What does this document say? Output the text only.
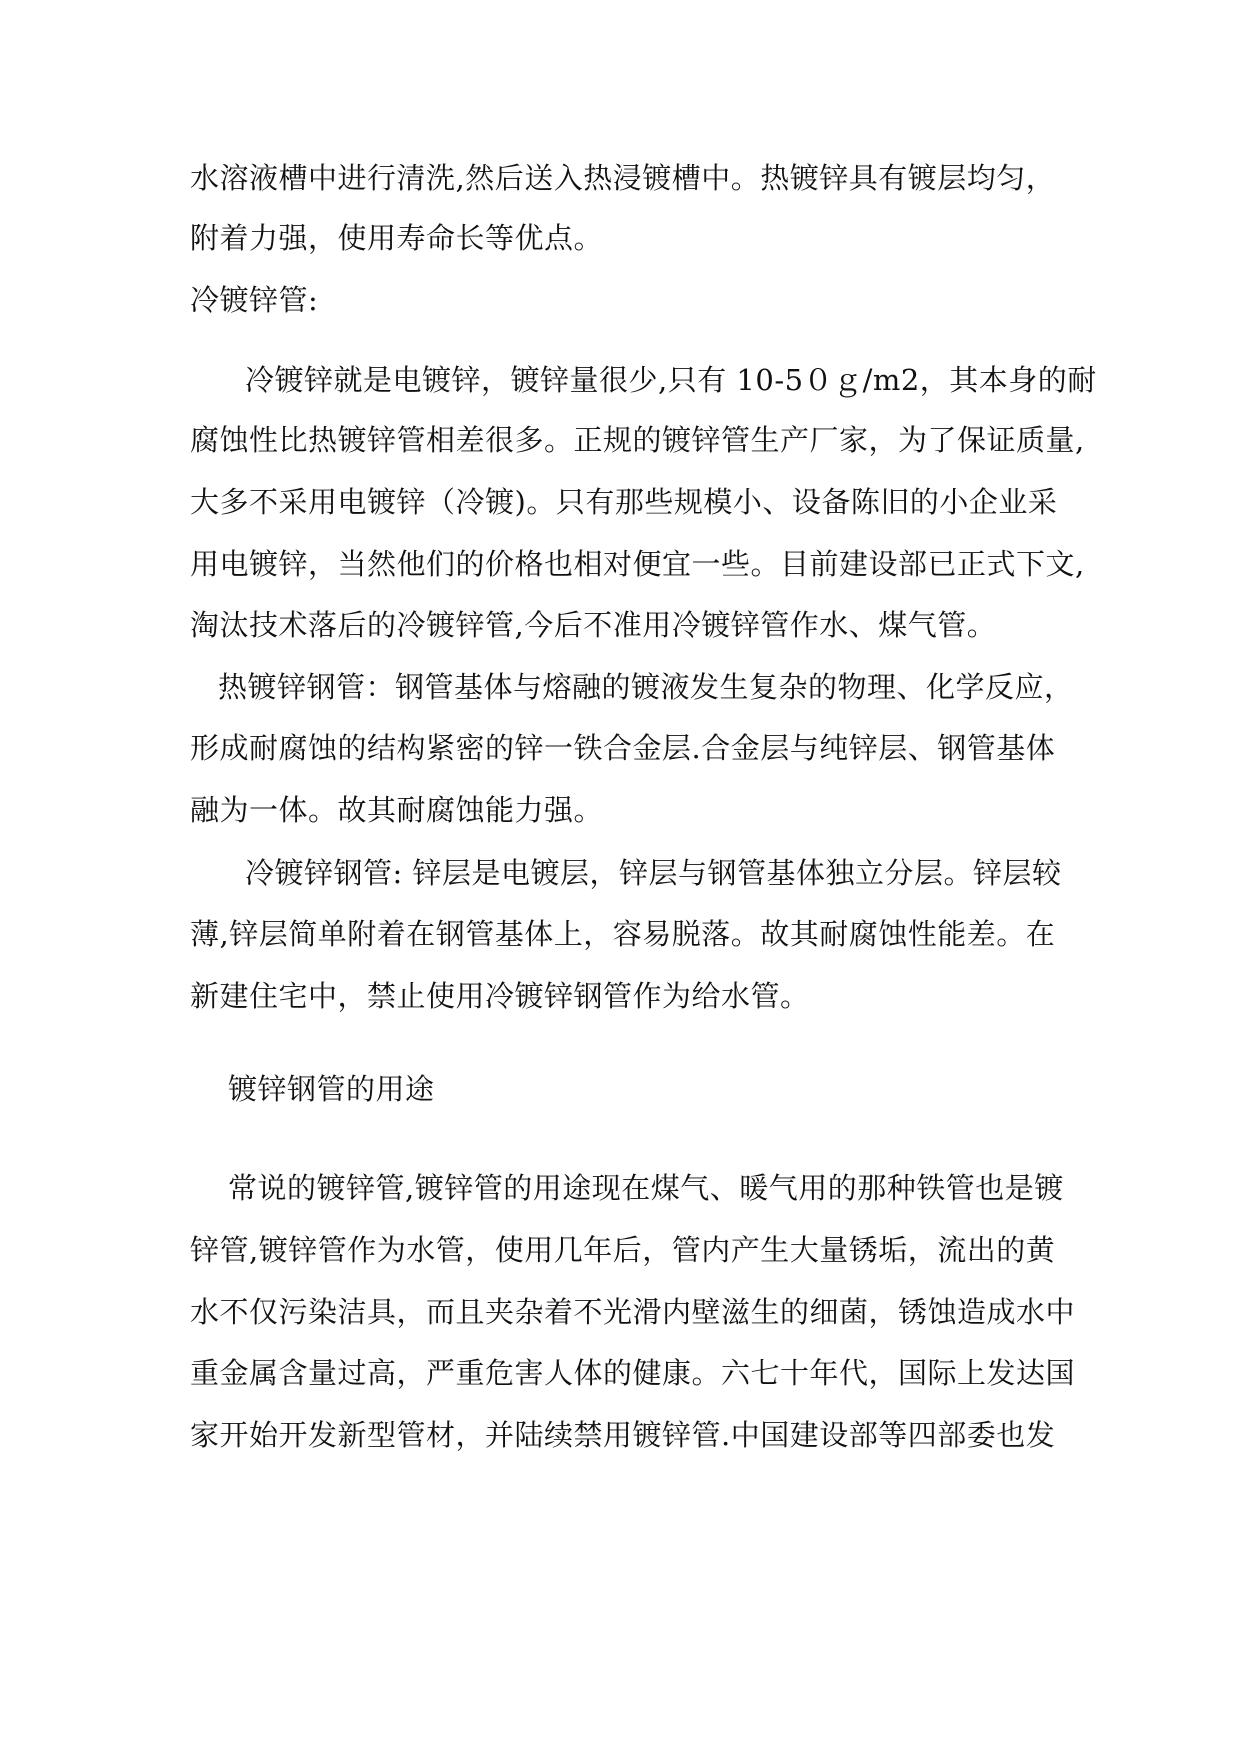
水溶液槽中进行清洗,然后送入热浸镀槽中。热镀锌具有镀层均匀，
附着力强，使用寿命长等优点。
冷镀锌管:
冷镀锌就是电镀锌，镀锌量很少,只有 10-5０ｇ/m2，其本身的耐
腐蚀性比热镀锌管相差很多。正规的镀锌管生产厂家，为了保证质量,
大多不采用电镀锌（冷镀)。只有那些规模小、设备陈旧的小企业采
用电镀锌，当然他们的价格也相对便宜一些。目前建设部已正式下文,
淘汰技术落后的冷镀锌管,今后不准用冷镀锌管作水、煤气管。
热镀锌钢管：钢管基体与熔融的镀液发生复杂的物理、化学反应，
形成耐腐蚀的结构紧密的锌一铁合金层.合金层与纯锌层、钢管基体
融为一体。故其耐腐蚀能力强。
冷镀锌钢管: 锌层是电镀层，锌层与钢管基体独立分层。锌层较
薄,锌层简单附着在钢管基体上，容易脱落。故其耐腐蚀性能差。在
新建住宅中，禁止使用冷镀锌钢管作为给水管。
镀锌钢管的用途
常说的镀锌管,镀锌管的用途现在煤气、暖气用的那种铁管也是镀
锌管,镀锌管作为水管，使用几年后，管内产生大量锈垢，流出的黄
水不仅污染洁具，而且夹杂着不光滑内壁滋生的细菌，锈蚀造成水中
重金属含量过高，严重危害人体的健康。六七十年代，国际上发达国
家开始开发新型管材，并陆续禁用镀锌管.中国建设部等四部委也发
